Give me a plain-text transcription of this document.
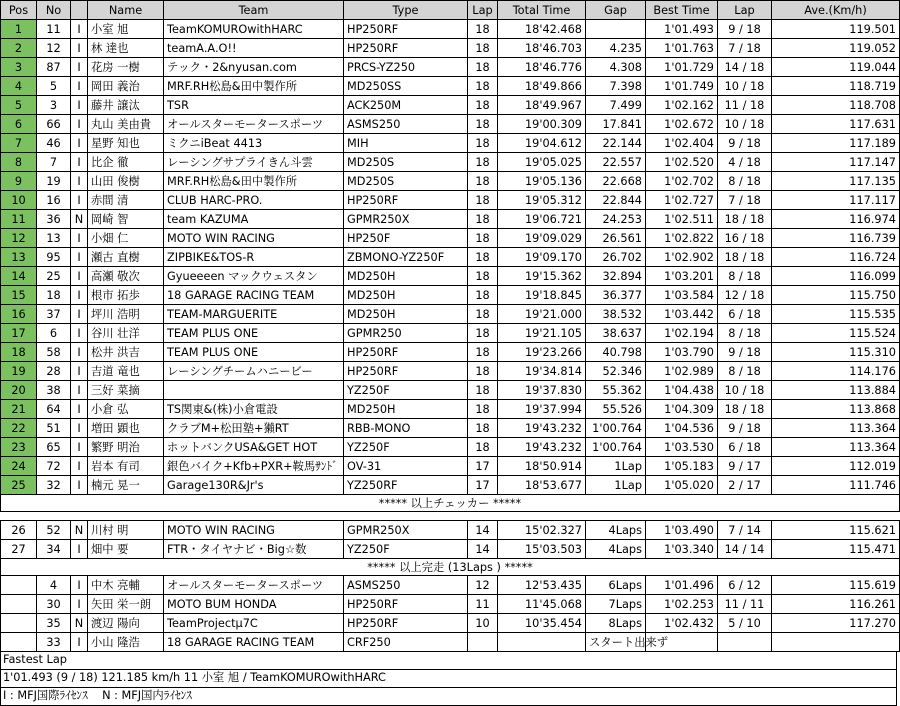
Pos	No		Name	Team	Type	Lap	Total Time	Gap	Best Time	Lap	Ave.(Km/h)
1	11	I	小室 旭	TeamKOMUROwithHARC	HP250RF	18	18'42.468		1'01.493	9 / 18	119.501
2	12	I	林 達也	teamA.A.O!!	HP250RF	18	18'46.703	4.235	1'01.763	7 / 18	119.052
3	87	I	花房 一樹	テック・2&nyusan.com	PRCS-YZ250	18	18'46.776	4.308	1'01.729	14 / 18	119.044
4	5	I	岡田 義治	MRF.RH松島&田中製作所	MD250SS	18	18'49.866	7.398	1'01.749	10 / 18	118.719
5	3	I	藤井 譲汰	TSR	ACK250M	18	18'49.967	7.499	1'02.162	11 / 18	118.708
6	66	I	丸山 美由貴	オールスターモータースポーツ	ASMS250	18	19'00.309	17.841	1'02.672	10 / 18	117.631
7	46	I	星野 知也	ミクニiBeat 4413	MIH	18	19'04.612	22.144	1'02.404	9 / 18	117.189
8	7	I	比企 徹	レーシングサプライきん斗雲	MD250S	18	19'05.025	22.557	1'02.520	4 / 18	117.147
9	19	I	山田 俊樹	MRF.RH松島&田中製作所	MD250S	18	19'05.136	22.668	1'02.702	8 / 18	117.135
10	16	I	赤間 清	CLUB HARC-PRO.	HP250RF	18	19'05.312	22.844	1'02.727	7 / 18	117.117
11	36	N	岡崎 智	team KAZUMA	GPMR250X	18	19'06.721	24.253	1'02.511	18 / 18	116.974
12	13	I	小畑 仁	MOTO WIN RACING	HP250F	18	19'09.029	26.561	1'02.822	16 / 18	116.739
13	95	I	瀬古 直樹	ZIPBIKE&TOS-R	ZBMONO-YZ250F	18	19'09.170	26.702	1'02.902	18 / 18	116.724
14	25	I	高瀬 敬次	Gyueeeen マックウェスタン	MD250H	18	19'15.362	32.894	1'03.201	8 / 18	116.099
15	18	I	根市 拓歩	18 GARAGE RACING TEAM	MD250H	18	19'18.845	36.377	1'03.584	12 / 18	115.750
16	37	I	坪川 浩明	TEAM-MARGUERITE	MD250H	18	19'21.000	38.532	1'03.442	6 / 18	115.535
17	6	I	谷川 壮洋	TEAM PLUS ONE	GPMR250	18	19'21.105	38.637	1'02.194	8 / 18	115.524
18	58	I	松井 洪吉	TEAM PLUS ONE	HP250RF	18	19'23.266	40.798	1'03.790	9 / 18	115.310
19	28	I	吉道 竜也	レーシングチームハニービー	HP250RF	18	19'34.814	52.346	1'02.989	8 / 18	114.176
20	38	I	三好 菜摘		YZ250F	18	19'37.830	55.362	1'04.438	10 / 18	113.884
21	64	I	小倉 弘	TS関東&(株)小倉電設	MD250H	18	19'37.994	55.526	1'04.309	18 / 18	113.868
22	51	I	増田 顕也	クラブM+松田塾+獺RT	RBB-MONO	18	19'43.232	1'00.764	1'04.536	9 / 18	113.364
23	65	I	繁野 明治	ホットバンクUSA&GET HOT	YZ250F	18	19'43.232	1'00.764	1'03.530	6 / 18	113.364
24	72	I	岩本 有司	銀色バイク+Kfb+PXR+鞍馬ｻﾝﾄﾞ	OV-31	17	18'50.914	1Lap	1'05.183	9 / 17	112.019
25	32	I	楠元 晃一	Garage130R&Jr's	YZ250RF	17	18'53.677	1Lap	1'05.020	2 / 17	111.746
***** 以上チェッカー *****											

26	52	N	川村 明	MOTO WIN RACING	GPMR250X	14	15'02.327	4Laps	1'03.490	7 / 14	115.621
27	34	I	畑中 要	FTR・タイヤナビ・Big☆数	YZ250F	14	15'03.503	4Laps	1'03.340	14 / 14	115.471
***** 以上完走 (13Laps ) *****											
	4	I	中木 亮輔	オールスターモータースポーツ	ASMS250	12	12'53.435	6Laps	1'01.496	6 / 12	115.619
	30	I	矢田 栄一朗	MOTO BUM HONDA	HP250RF	11	11'45.068	7Laps	1'02.253	11 / 11	116.261
	35	N	渡辺 陽向	TeamProjectμ7C	HP250RF	10	10'35.454	8Laps	1'02.432	5 / 10	117.270
	33	I	小山 隆浩	18 GARAGE RACING TEAM	CRF250			スタート出来ず			
Fastest Lap
1'01.493 (9 / 18) 121.185 km/h 11 小室 旭 / TeamKOMUROwithHARC
I : MFJ国際ﾗｲｾﾝｽ    N : MFJ国内ﾗｲｾﾝｽ
